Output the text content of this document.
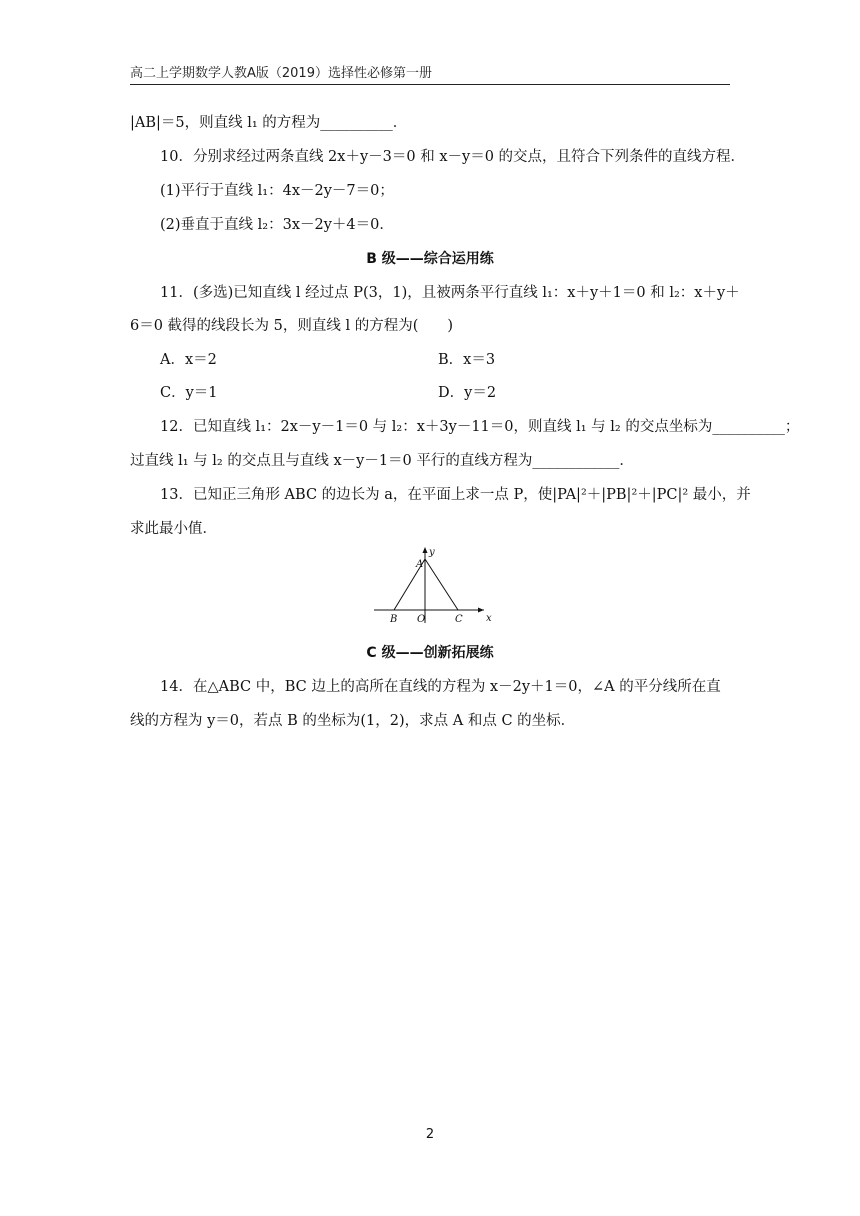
高二上学期数学人教A版（2019）选择性必修第一册
|AB|＝5，则直线 l₁ 的方程为__________．
10．分别求经过两条直线 2x＋y－3＝0 和 x－y＝0 的交点，且符合下列条件的直线方程．
(1)平行于直线 l₁：4x－2y－7＝0；
(2)垂直于直线 l₂：3x－2y＋4＝0．
B 级——综合运用练
11．(多选)已知直线 l 经过点 P(3，1)，且被两条平行直线 l₁：x＋y＋1＝0 和 l₂：x＋y＋
6＝0 截得的线段长为 5，则直线 l 的方程为(　　)
A．x＝2	B．x＝3
C．y＝1	D．y＝2
12．已知直线 l₁：2x－y－1＝0 与 l₂：x＋3y－11＝0，则直线 l₁ 与 l₂ 的交点坐标为__________；
过直线 l₁ 与 l₂ 的交点且与直线 x－y－1＝0 平行的直线方程为____________．
13．已知正三角形 ABC 的边长为 a，在平面上求一点 P，使|PA|²＋|PB|²＋|PC|² 最小，并
求此最小值．
y
x
A
B O	C
C 级——创新拓展练
14．在△ABC 中，BC 边上的高所在直线的方程为 x－2y＋1＝0，∠A 的平分线所在直
线的方程为 y＝0，若点 B 的坐标为(1，2)，求点 A 和点 C 的坐标．
2
